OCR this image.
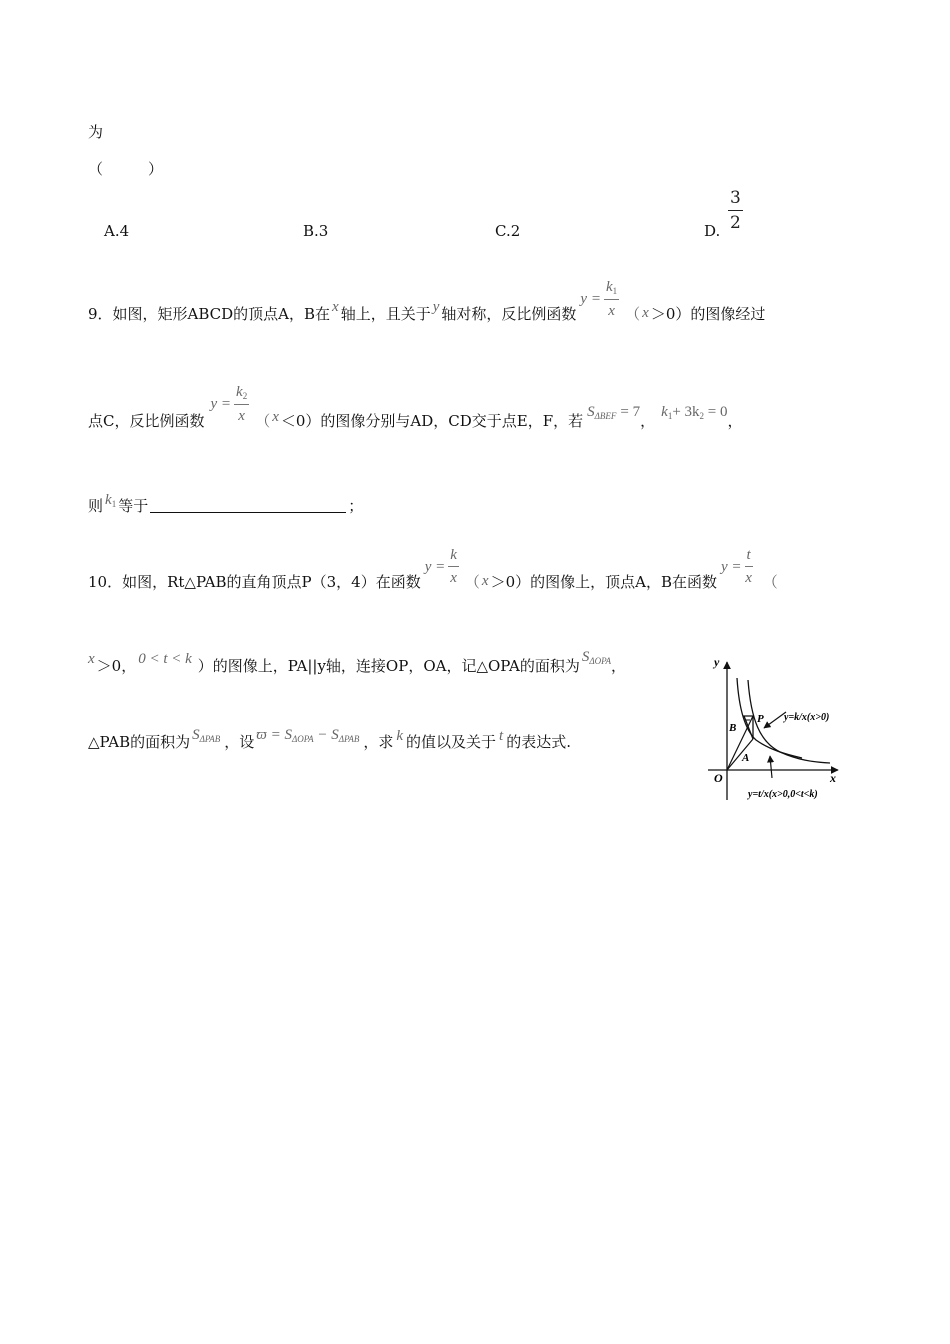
为
（　　　）
A.4	B.3	C.2	D. $\frac{3}{2}$
9．如图，矩形ABCD的顶点A，B在 x 轴上，且关于 y 轴对称，反比例函数
$y = \frac{k_1}{x}$ （ x ＞0）的图像经过
点C，反比例函数
$y = \frac{k_2}{x}$ （ x ＜0）的图像分别与AD，CD交于点E，F，若 $S_{\Delta BEF} = 7$ ， $k_1+ 3k_2 = 0$ ，
则 $k_1$ 等于	；
10．如图，Rt△PAB的直角顶点P（3，4）在函数
$y = \frac{k}{x}$ （ x ＞0）的图像上，顶点A，B在函数
$y = \frac{t}{x}$ （
x ＞0， 0 < t < k ）的图像上，PA||y轴，连接OP，OA，记△OPA的面积为 $S_{\Delta OPA}$ ，
△PAB的面积为 $S_{\Delta PAB}$ ，设 $ϖ = S_{\Delta OPA} - S_{\Delta PAB}$ ，求 k 的值以及关于 t 的表达式.
y
x
O
P
B
A
y=k/x(x>0)
y=t/x(x>0,0<t<k)
